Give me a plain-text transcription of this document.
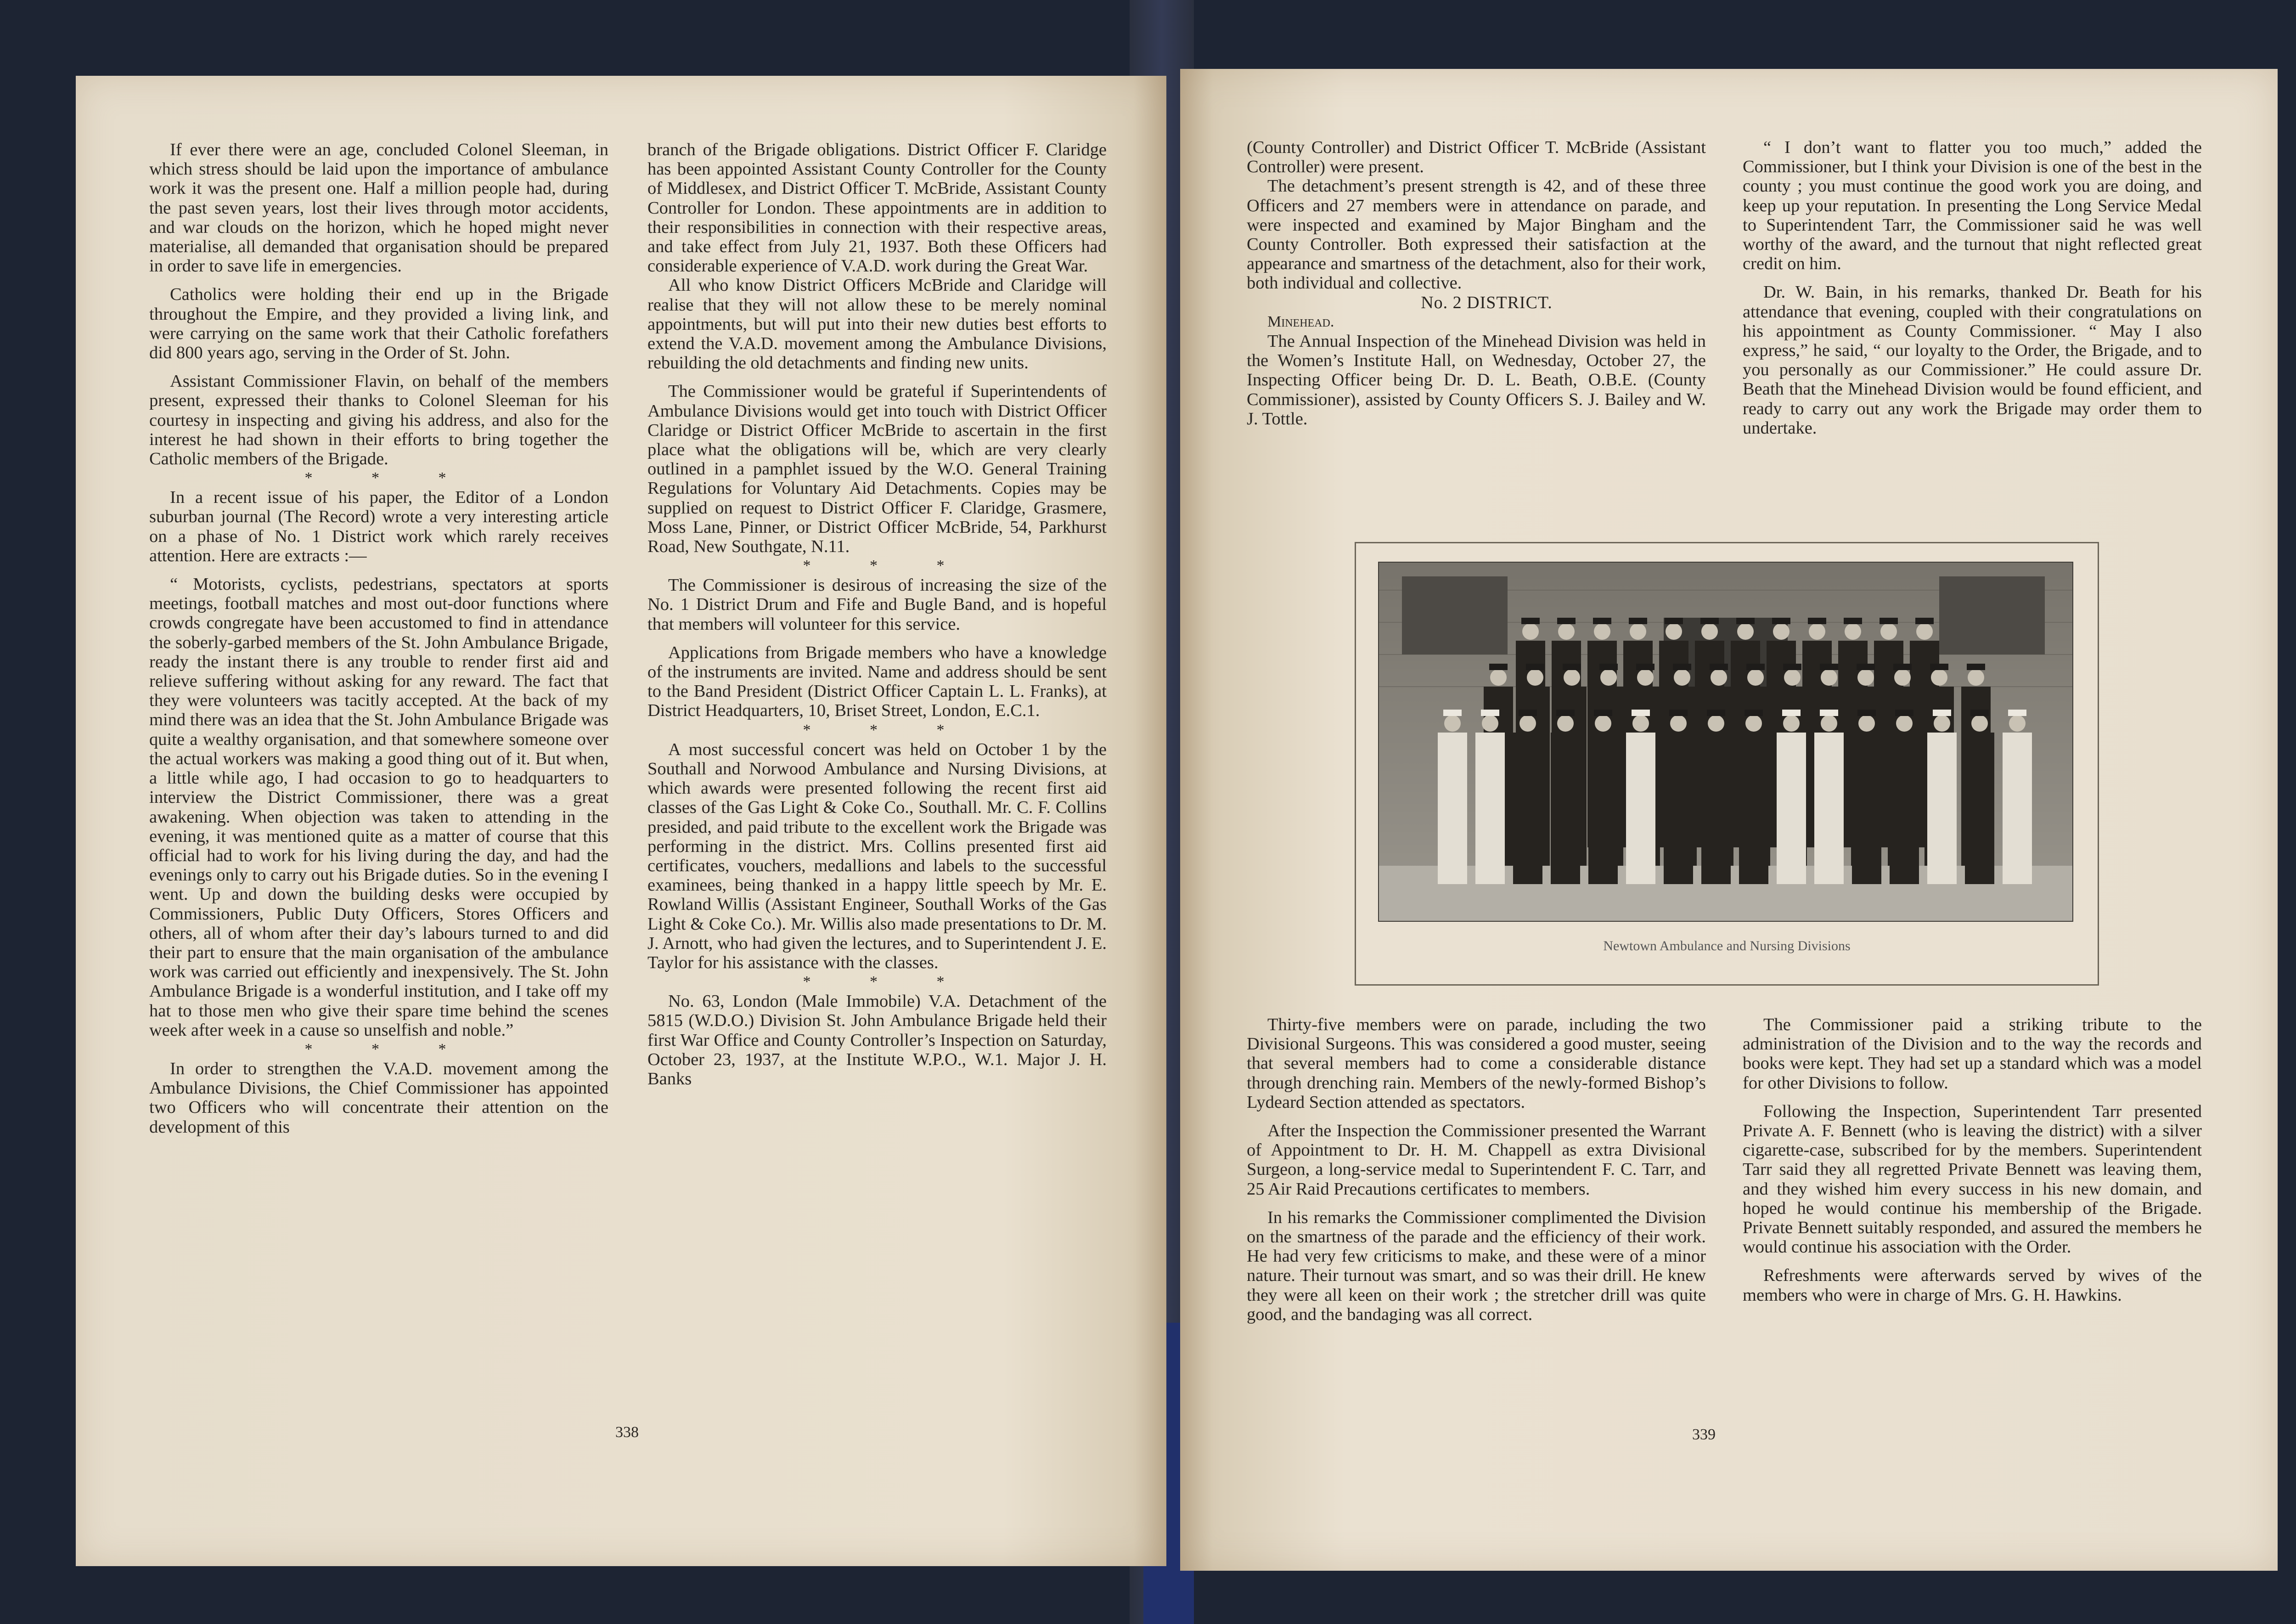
If ever there were an age, concluded Colonel Sleeman, in which stress should be laid upon the importance of ambulance work it was the present one. Half a million people had, during the past seven years, lost their lives through motor accidents, and war clouds on the horizon, which he hoped might never materialise, all demanded that organisation should be prepared in order to save life in emergencies.

Catholics were holding their end up in the Brigade throughout the Empire, and they provided a living link, and were carrying on the same work that their Catholic forefathers did 800 years ago, serving in the Order of St. John.

Assistant Commissioner Flavin, on behalf of the members present, expressed their thanks to Colonel Sleeman for his courtesy in inspecting and giving his address, and also for the interest he had shown in their efforts to bring together the Catholic members of the Brigade.

* * *

In a recent issue of his paper, the Editor of a London suburban journal (The Record) wrote a very interesting article on a phase of No. 1 District work which rarely receives attention. Here are extracts :—

“ Motorists, cyclists, pedestrians, spectators at sports meetings, football matches and most out-door functions where crowds congregate have been accustomed to find in attendance the soberly-garbed members of the St. John Ambulance Brigade, ready the instant there is any trouble to render first aid and relieve suffering without asking for any reward. The fact that they were volunteers was tacitly accepted. At the back of my mind there was an idea that the St. John Ambulance Brigade was quite a wealthy organisation, and that somewhere someone over the actual workers was making a good thing out of it. But when, a little while ago, I had occasion to go to headquarters to interview the District Commissioner, there was a great awakening. When objection was taken to attending in the evening, it was mentioned quite as a matter of course that this official had to work for his living during the day, and had the evenings only to carry out his Brigade duties. So in the evening I went. Up and down the building desks were occupied by Commissioners, Public Duty Officers, Stores Officers and others, all of whom after their day’s labours turned to and did their part to ensure that the main organisation of the ambulance work was carried out efficiently and inexpensively. The St. John Ambulance Brigade is a wonderful institution, and I take off my hat to those men who give their spare time behind the scenes week after week in a cause so unselfish and noble.”

* * *

In order to strengthen the V.A.D. movement among the Ambulance Divisions, the Chief Commissioner has appointed two Officers who will concentrate their attention on the development of this

branch of the Brigade obligations. District Officer F. Claridge has been appointed Assistant County Controller for the County of Middlesex, and District Officer T. McBride, Assistant County Controller for London. These appointments are in addition to their responsibilities in connection with their respective areas, and take effect from July 21, 1937. Both these Officers had considerable experience of V.A.D. work during the Great War.

All who know District Officers McBride and Claridge will realise that they will not allow these to be merely nominal appointments, but will put into their new duties best efforts to extend the V.A.D. movement among the Ambulance Divisions, rebuilding the old detachments and finding new units.

The Commissioner would be grateful if Superintendents of Ambulance Divisions would get into touch with District Officer Claridge or District Officer McBride to ascertain in the first place what the obligations will be, which are very clearly outlined in a pamphlet issued by the W.O. General Training Regulations for Voluntary Aid Detachments. Copies may be supplied on request to District Officer F. Claridge, Grasmere, Moss Lane, Pinner, or District Officer McBride, 54, Parkhurst Road, New Southgate, N.11.

* * *

The Commissioner is desirous of increasing the size of the No. 1 District Drum and Fife and Bugle Band, and is hopeful that members will volunteer for this service.

Applications from Brigade members who have a knowledge of the instruments are invited. Name and address should be sent to the Band President (District Officer Captain L. L. Franks), at District Headquarters, 10, Briset Street, London, E.C.1.

* * *

A most successful concert was held on October 1 by the Southall and Norwood Ambulance and Nursing Divisions, at which awards were presented following the recent first aid classes of the Gas Light & Coke Co., Southall. Mr. C. F. Collins presided, and paid tribute to the excellent work the Brigade was performing in the district. Mrs. Collins presented first aid certificates, vouchers, medallions and labels to the successful examinees, being thanked in a happy little speech by Mr. E. Rowland Willis (Assistant Engineer, Southall Works of the Gas Light & Coke Co.). Mr. Willis also made presentations to Dr. M. J. Arnott, who had given the lectures, and to Superintendent J. E. Taylor for his assistance with the classes.

* * *

No. 63, London (Male Immobile) V.A. Detachment of the 5815 (W.D.O.) Division St. John Ambulance Brigade held their first War Office and County Controller’s Inspection on Saturday, October 23, 1937, at the Institute W.P.O., W.1. Major J. H. Banks

338

(County Controller) and District Officer T. McBride (Assistant Controller) were present.

The detachment’s present strength is 42, and of these three Officers and 27 members were in attendance on parade, and were inspected and examined by Major Bingham and the County Controller. Both expressed their satisfaction at the appearance and smartness of the detachment, also for their work, both individual and collective.

No. 2 DISTRICT.

Minehead.

The Annual Inspection of the Minehead Division was held in the Women’s Institute Hall, on Wednesday, October 27, the Inspecting Officer being Dr. D. L. Beath, O.B.E. (County Commissioner), assisted by County Officers S. J. Bailey and W. J. Tottle.

“ I don’t want to flatter you too much,” added the Commissioner, but I think your Division is one of the best in the county ; you must continue the good work you are doing, and keep up your reputation. In presenting the Long Service Medal to Superintendent Tarr, the Commissioner said he was well worthy of the award, and the turnout that night reflected great credit on him.

Dr. W. Bain, in his remarks, thanked Dr. Beath for his attendance that evening, coupled with their congratulations on his appointment as County Commissioner. “ May I also express,” he said, “ our loyalty to the Order, the Brigade, and to you personally as our Commissioner.” He could assure Dr. Beath that the Minehead Division would be found efficient, and ready to carry out any work the Brigade may order them to undertake.

Newtown Ambulance and Nursing Divisions

Thirty-five members were on parade, including the two Divisional Surgeons. This was considered a good muster, seeing that several members had to come a considerable distance through drenching rain. Members of the newly-formed Bishop’s Lydeard Section attended as spectators.

After the Inspection the Commissioner presented the Warrant of Appointment to Dr. H. M. Chappell as extra Divisional Surgeon, a long-service medal to Superintendent F. C. Tarr, and 25 Air Raid Precautions certificates to members.

In his remarks the Commissioner complimented the Division on the smartness of the parade and the efficiency of their work. He had very few criticisms to make, and these were of a minor nature. Their turnout was smart, and so was their drill. He knew they were all keen on their work ; the stretcher drill was quite good, and the bandaging was all correct.

The Commissioner paid a striking tribute to the administration of the Division and to the way the records and books were kept. They had set up a standard which was a model for other Divisions to follow.

Following the Inspection, Superintendent Tarr presented Private A. F. Bennett (who is leaving the district) with a silver cigarette-case, subscribed for by the members. Superintendent Tarr said they all regretted Private Bennett was leaving them, and they wished him every success in his new domain, and hoped he would continue his membership of the Brigade. Private Bennett suitably responded, and assured the members he would continue his association with the Order.

Refreshments were afterwards served by wives of the members who were in charge of Mrs. G. H. Hawkins.

339
